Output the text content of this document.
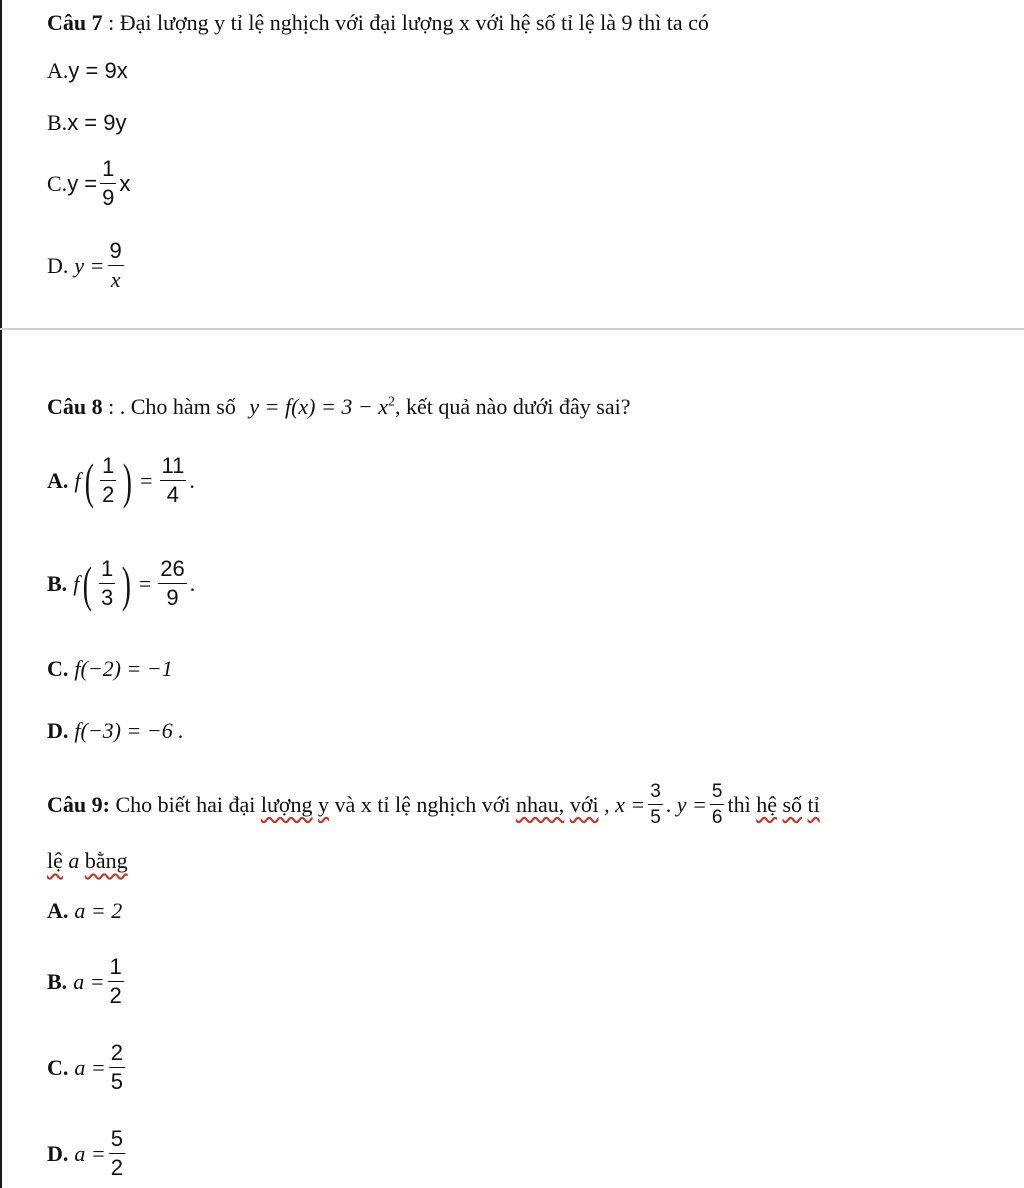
Câu 7 : Đại lượng y tỉ lệ nghịch với đại lượng x với hệ số tỉ lệ là 9 thì ta có
A. y = 9x
B. x = 9y
C. $y = \frac{1}{9}$ x
D. $y = \frac{9}{x}$
Câu 8 : . Cho hàm số $y = f(x) = 3 - x^2$, kết quả nào dưới đây sai?
A. f ( $\frac{1}{2}$ ) = $\frac{11}{4}$ .
B. f ( $\frac{1}{3}$ ) = $\frac{26}{9}$ .
C. f(−2) = −1
D. f(−3) = −6 .
Câu 9:
Cho biết hai đại
lượng
y
và x tỉ lệ nghịch với
nhau,
với
,
$x = \frac{3}{5}$ .
$y = \frac{5}{6}$ thì
hệ
số
tỉ
lệ a bằng
A. a = 2
B. $a = \frac{1}{2}$
C. $a = \frac{2}{5}$
D. $a = \frac{5}{2}$
